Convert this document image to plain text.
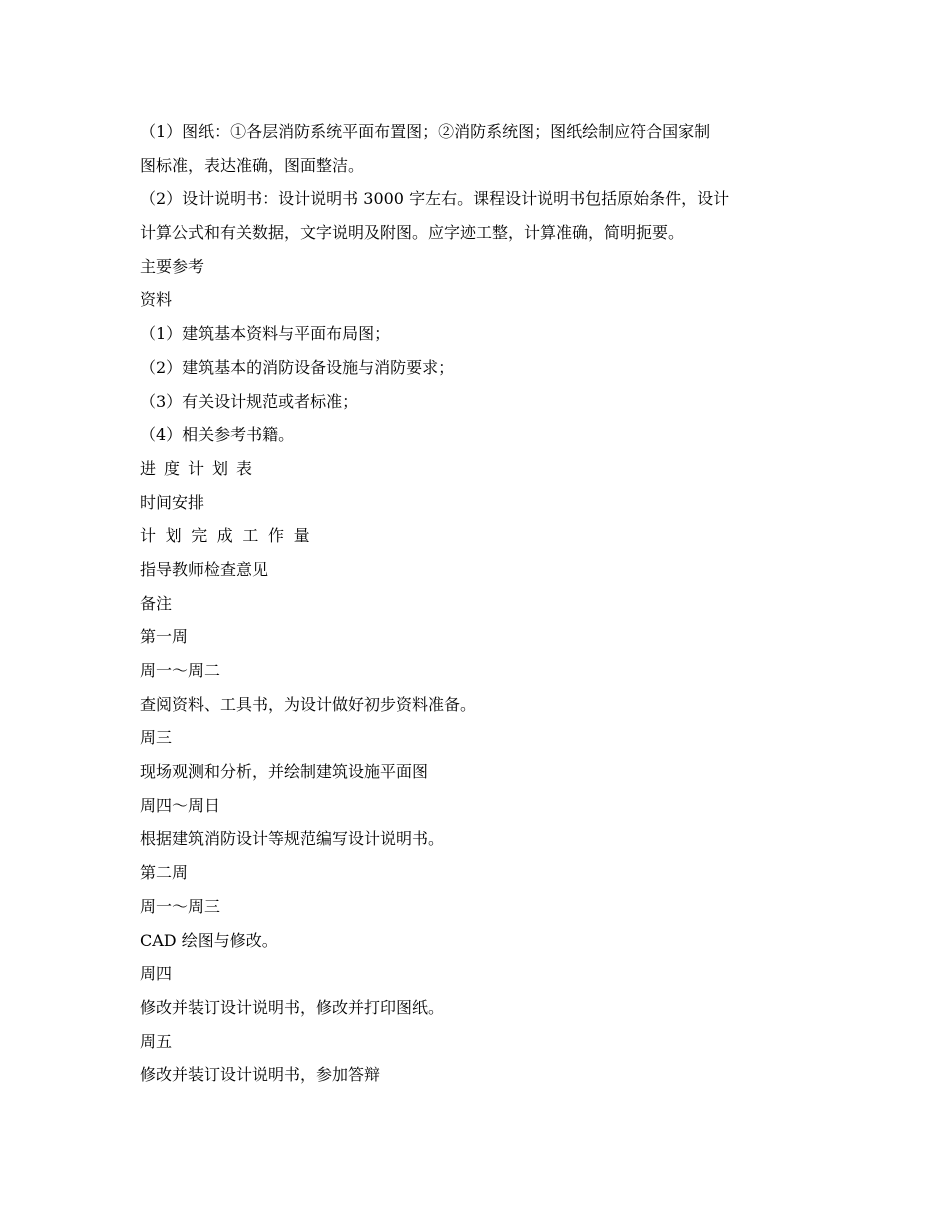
（1）图纸：①各层消防系统平面布置图；②消防系统图；图纸绘制应符合国家制
图标准，表达准确，图面整洁。
（2）设计说明书：设计说明书 3000 字左右。课程设计说明书包括原始条件，设计
计算公式和有关数据，文字说明及附图。应字迹工整，计算准确，简明扼要。
主要参考
资料
（1）建筑基本资料与平面布局图；
（2）建筑基本的消防设备设施与消防要求；
（3）有关设计规范或者标准；
（4）相关参考书籍。
进度计划表
时间安排
计划完成工作量
指导教师检查意见
备注
第一周
周一～周二
查阅资料、工具书，为设计做好初步资料准备。
周三
现场观测和分析，并绘制建筑设施平面图
周四～周日
根据建筑消防设计等规范编写设计说明书。
第二周
周一～周三
CAD 绘图与修改。
周四
修改并装订设计说明书，修改并打印图纸。
周五
修改并装订设计说明书，参加答辩
